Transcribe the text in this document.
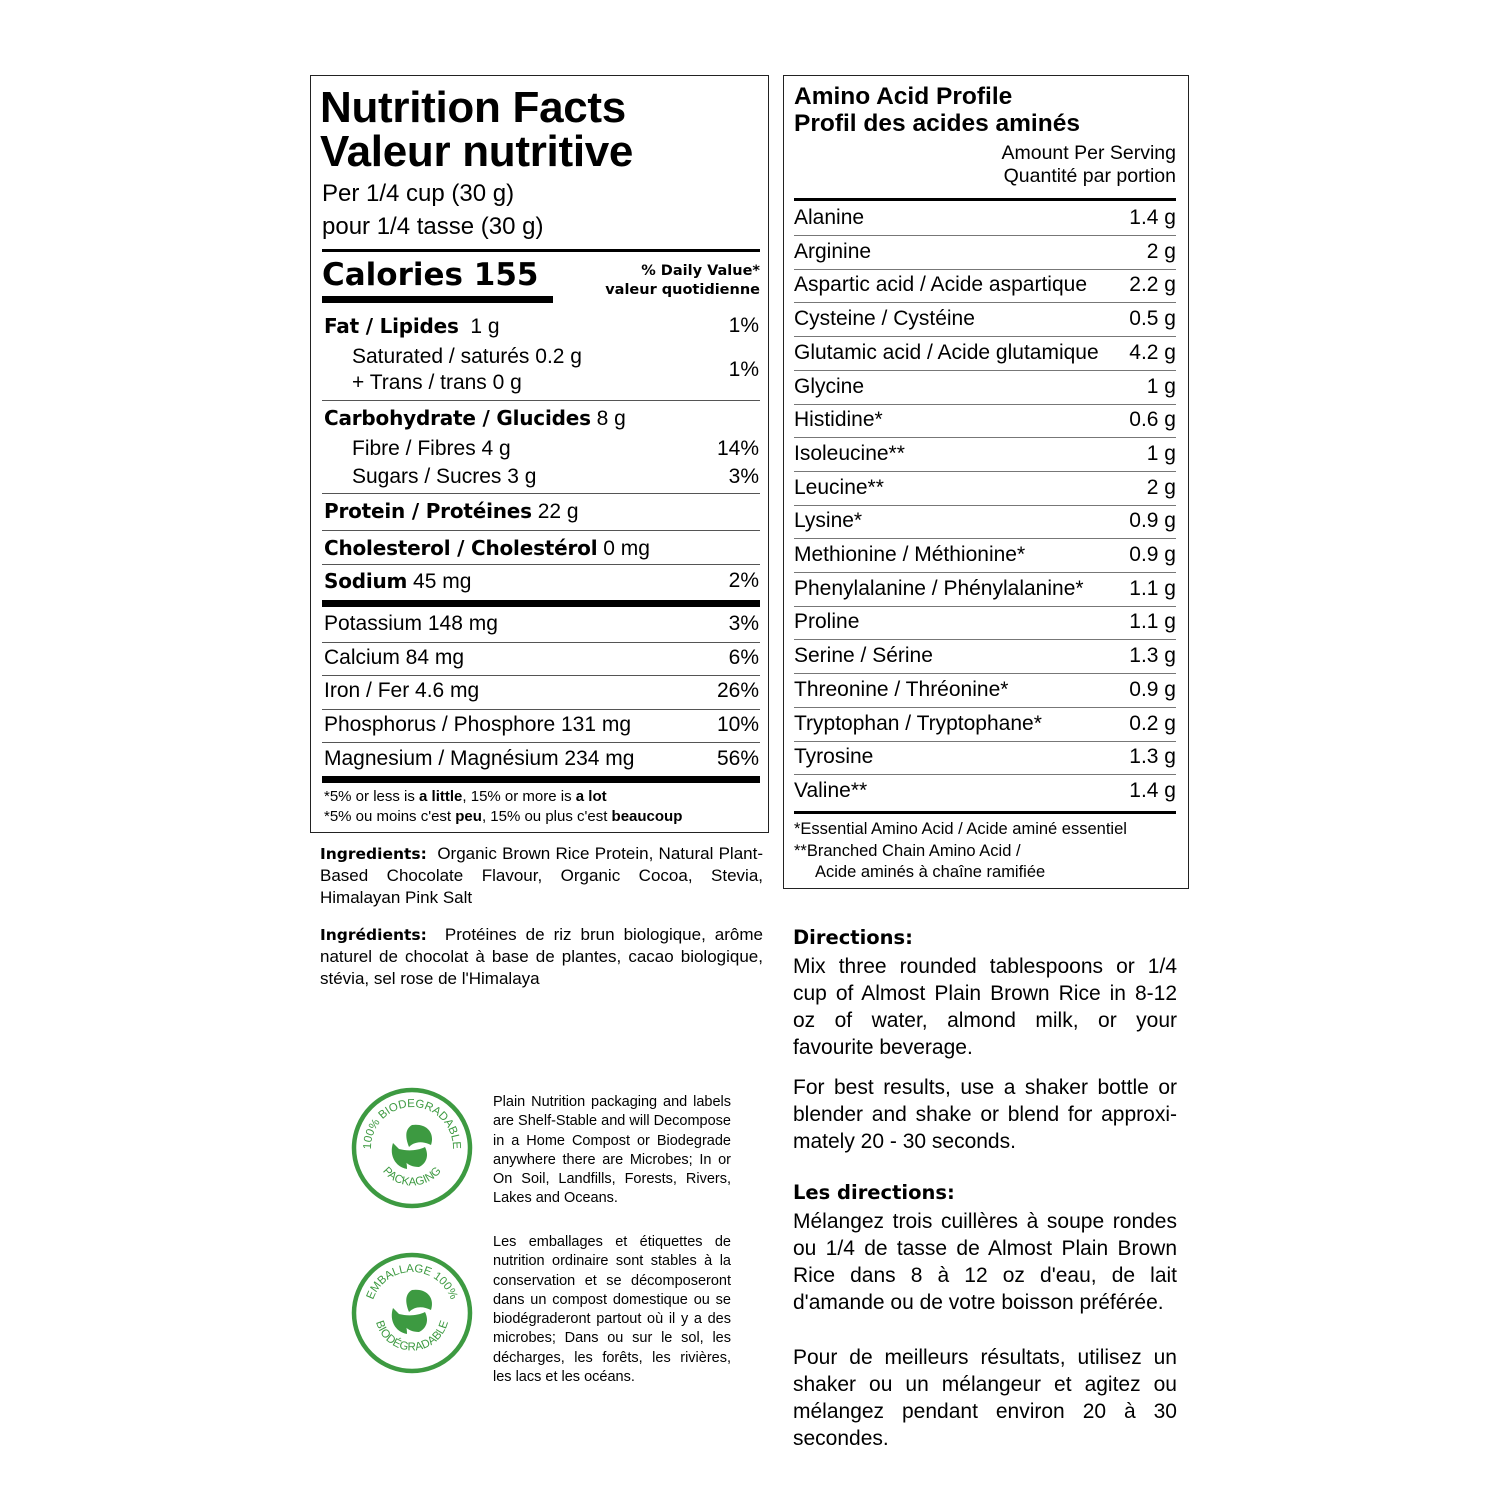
Nutrition Facts
Valeur nutritive
Per 1/4 cup (30 g)
pour 1/4 tasse (30 g)
Calories 155	% Daily Value*
valeur quotidienne
Fat / Lipides 1 g	1%
Saturated / saturés 0.2 g
+ Trans / trans 0 g
1%
Carbohydrate / Glucides 8 g
Fibre / Fibres 4 g	14%
Sugars / Sucres 3 g	3%
Protein / Protéines 22 g
Cholesterol / Cholestérol 0 mg
Sodium 45 mg	2%
Potassium 148 mg	3%
Calcium 84 mg	6%
Iron / Fer 4.6 mg	26%
Phosphorus / Phosphore 131 mg	10%
Magnesium / Magnésium 234 mg	56%
*5% or less is a little, 15% or more is a lot
*5% ou moins c'est peu, 15% ou plus c'est beaucoup
Amino Acid Profile
Profil des acides aminés
Amount Per Serving
Quantité par portion
Alanine	1.4 g
Arginine	2 g
Aspartic acid / Acide aspartique 2.2 g
Cysteine / Cystéine	0.5 g
Glutamic acid / Acide glutamique 4.2 g
Glycine	1 g
Histidine*	0.6 g
Isoleucine**	1 g
Leucine**	2 g
Lysine*	0.9 g
Methionine / Méthionine*	0.9 g
Phenylalanine / Phénylalanine* 1.1 g
Proline	1.1 g
Serine / Sérine	1.3 g
Threonine / Thréonine*	0.9 g
Tryptophan / Tryptophane*	0.2 g
Tyrosine	1.3 g
Valine**	1.4 g
*Essential Amino Acid / Acide aminé essentiel
**Branched Chain Amino Acid /
Acide aminés à chaîne ramifiée
Ingredients: Organic Brown Rice Protein, Natural Plant-Based Chocolate Flavour, Organic Cocoa, Stevia, Himalayan Pink Salt
Ingrédients: Protéines de riz brun biologique, arôme naturel de chocolat à base de plantes, cacao biologique, stévia, sel rose de l'Himalaya
100% BIODEGRADABLE
PACKAGING
EMBALLAGE 100%
BIODÉGRADABLE
Plain Nutrition packaging and labels are Shelf-Stable and will Decompose in a Home Compost or Biodegrade anywhere there are Microbes; In or On Soil, Landfills, Forests, Rivers, Lakes and Oceans.
Les emballages et étiquettes de nutrition ordinaire sont stables à la conservation et se décomposeront dans un compost domestique ou se biodégraderont partout où il y a des microbes; Dans ou sur le sol, les décharges, les forêts, les rivières, les lacs et les océans.
Directions:
Mix three rounded tablespoons or 1/4 cup of Almost Plain Brown Rice in 8-12 oz of water, almond milk, or your favourite beverage.
For best results, use a shaker bottle or blender and shake or blend for approxi-mately 20 - 30 seconds.
Les directions:
Mélangez trois cuillères à soupe rondes ou 1/4 de tasse de Almost Plain Brown Rice dans 8 à 12 oz d'eau, de lait d'amande ou de votre boisson préférée.
Pour de meilleurs résultats, utilisez un shaker ou un mélangeur et agitez ou mélangez pendant environ 20 à 30 secondes.
